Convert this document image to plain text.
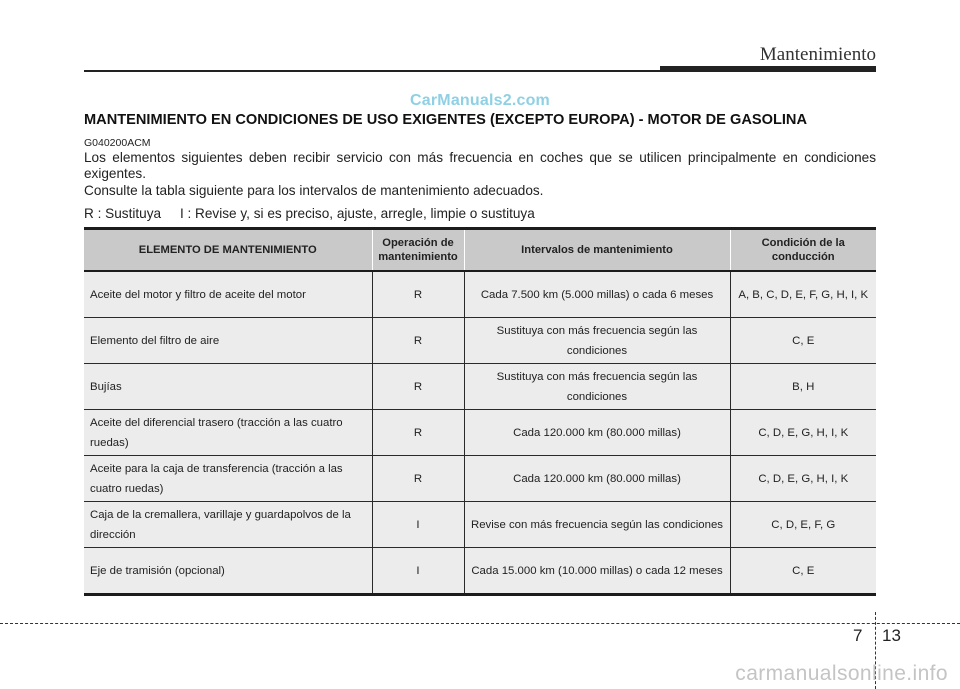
Mantenimiento
CarManuals2.com
MANTENIMIENTO EN CONDICIONES DE USO EXIGENTES (EXCEPTO EUROPA) - MOTOR DE GASOLINA
G040200ACM
Los elementos siguientes deben recibir servicio con más frecuencia en coches que se utilicen principalmente en condiciones exigentes.
Consulte la tabla siguiente para los intervalos de mantenimiento adecuados.
R : Sustituya I : Revise y, si es preciso, ajuste, arregle, limpie o sustituya
ELEMENTO DE MANTENIMIENTO	Operación de mantenimiento	Intervalos de mantenimiento	Condición de la conducción
Aceite del motor y filtro de aceite del motor	R	Cada 7.500 km (5.000 millas) o cada 6 meses	A, B, C, D, E, F, G, H, I, K
Elemento del filtro de aire	R	Sustituya con más frecuencia según las condiciones	C, E
Bujías	R	Sustituya con más frecuencia según las condiciones	B, H
Aceite del diferencial trasero (tracción a las cuatro ruedas)	R	Cada 120.000 km (80.000 millas)	C, D, E, G, H, I, K
Aceite para la caja de transferencia (tracción a las cuatro ruedas)	R	Cada 120.000 km (80.000 millas)	C, D, E, G, H, I, K
Caja de la cremallera, varillaje y guardapolvos de la dirección	I	Revise con más frecuencia según las condiciones	C, D, E, F, G
Eje de tramisión (opcional)	I	Cada 15.000 km (10.000 millas) o cada 12 meses	C, E
7 13
carmanualsonline.info
